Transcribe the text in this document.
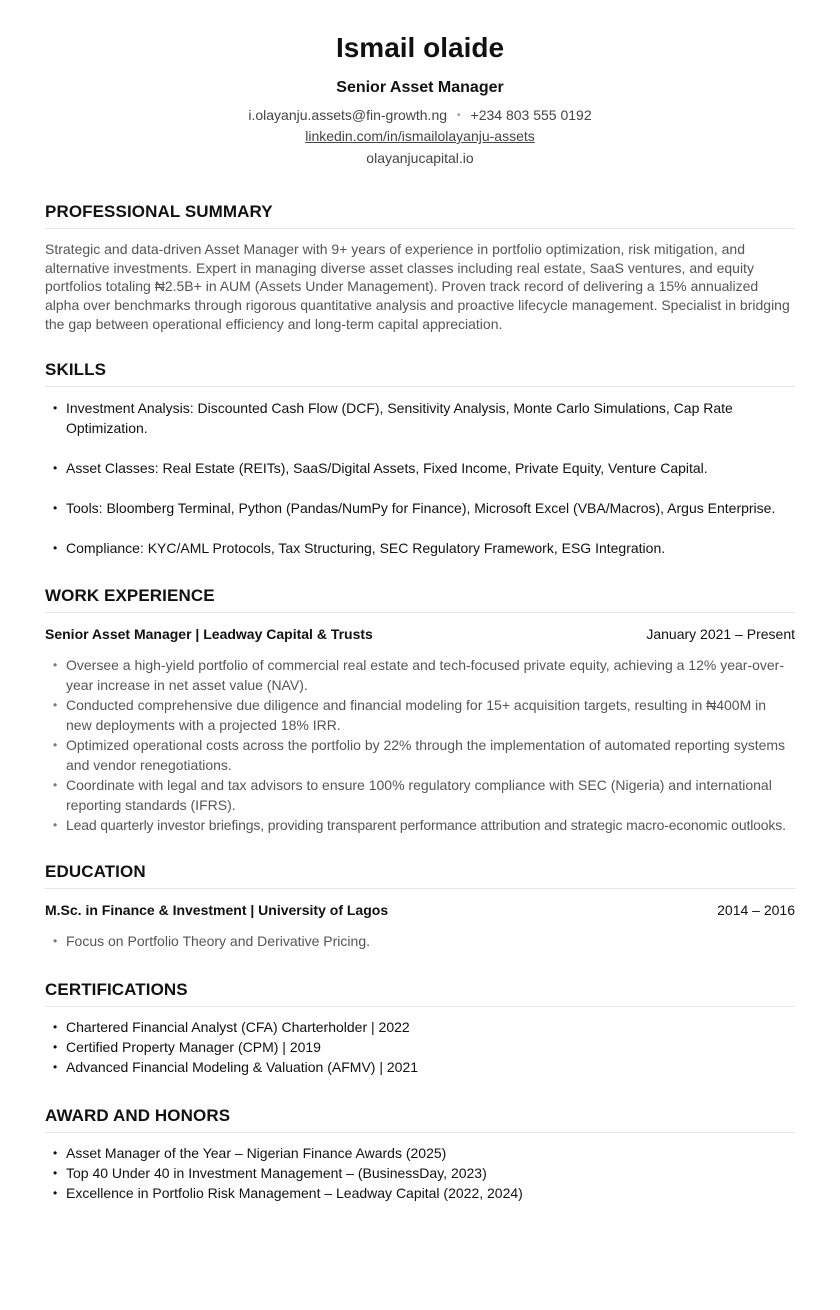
Ismail olaide
Senior Asset Manager
i.olayanju.assets@fin-growth.ng • +234 803 555 0192
linkedin.com/in/ismailolayanju-assets
olayanjucapital.io
PROFESSIONAL SUMMARY
Strategic and data-driven Asset Manager with 9+ years of experience in portfolio optimization, risk mitigation, and alternative investments. Expert in managing diverse asset classes including real estate, SaaS ventures, and equity portfolios totaling ₦2.5B+ in AUM (Assets Under Management). Proven track record of delivering a 15% annualized alpha over benchmarks through rigorous quantitative analysis and proactive lifecycle management. Specialist in bridging the gap between operational efficiency and long-term capital appreciation.
SKILLS
• Investment Analysis: Discounted Cash Flow (DCF), Sensitivity Analysis, Monte Carlo Simulations, Cap Rate Optimization.
• Asset Classes: Real Estate (REITs), SaaS/Digital Assets, Fixed Income, Private Equity, Venture Capital.
• Tools: Bloomberg Terminal, Python (Pandas/NumPy for Finance), Microsoft Excel (VBA/Macros), Argus Enterprise.
• Compliance: KYC/AML Protocols, Tax Structuring, SEC Regulatory Framework, ESG Integration.
WORK EXPERIENCE
Senior Asset Manager | Leadway Capital & Trusts	January 2021 – Present
• Oversee a high-yield portfolio of commercial real estate and tech-focused private equity, achieving a 12% year-over-year increase in net asset value (NAV).
• Conducted comprehensive due diligence and financial modeling for 15+ acquisition targets, resulting in ₦400M in new deployments with a projected 18% IRR.
• Optimized operational costs across the portfolio by 22% through the implementation of automated reporting systems and vendor renegotiations.
• Coordinate with legal and tax advisors to ensure 100% regulatory compliance with SEC (Nigeria) and international reporting standards (IFRS).
• Lead quarterly investor briefings, providing transparent performance attribution and strategic macro-economic outlooks.
EDUCATION
M.Sc. in Finance & Investment | University of Lagos	2014 – 2016
• Focus on Portfolio Theory and Derivative Pricing.
CERTIFICATIONS
• Chartered Financial Analyst (CFA) Charterholder | 2022
• Certified Property Manager (CPM) | 2019
• Advanced Financial Modeling & Valuation (AFMV) | 2021
AWARD AND HONORS
• Asset Manager of the Year – Nigerian Finance Awards (2025)
• Top 40 Under 40 in Investment Management – (BusinessDay, 2023)
• Excellence in Portfolio Risk Management – Leadway Capital (2022, 2024)
